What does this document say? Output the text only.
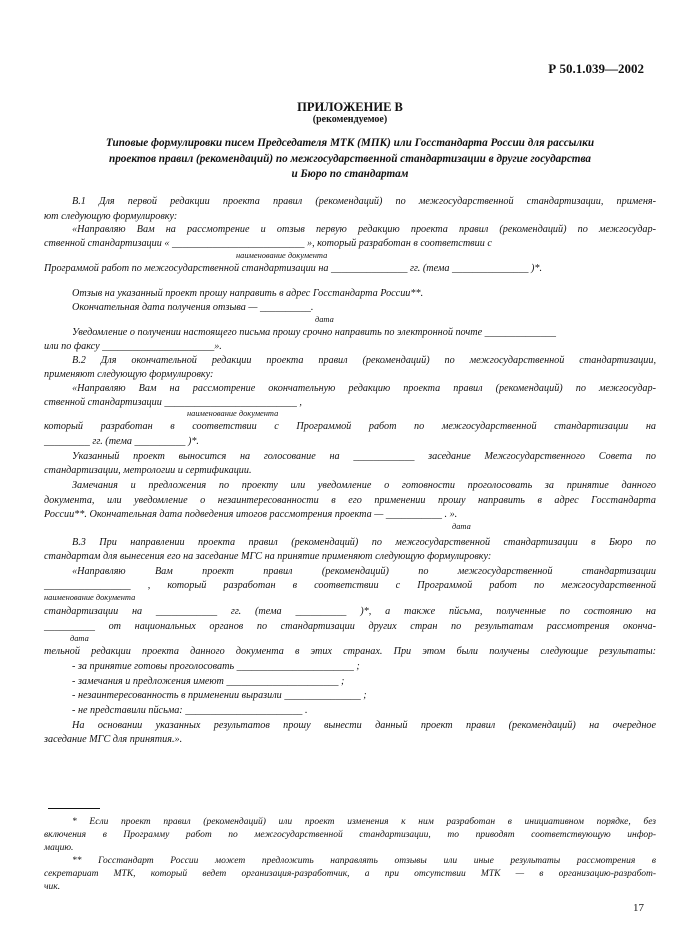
Р 50.1.039—2002
ПРИЛОЖЕНИЕ В
(рекомендуемое)
Типовые формулировки писем Председателя МТК (МПК) или Госстандарта России для рассылки
проектов правил (рекомендаций) по межгосударственной стандартизации в другие государства
и Бюро по стандартам
В.1 Для первой редакции проекта правил (рекомендаций) по межгосударственной стандартизации, применя-
ют следующую формулировку:
«Направляю Вам на рассмотрение и отзыв первую редакцию проекта правил (рекомендаций) по межгосудар-
ственной стандартизации « __________________________ », который разработан в соответствии с
наименование документа
Программой работ по межгосударственной стандартизации на _______________ гг. (тема _______________ )*.
Отзыв на указанный проект прошу направить в адрес Госстандарта России**.
Окончательная дата получения отзыва — __________.
дата
Уведомление о получении настоящего письма прошу срочно направить по электронной почте ______________
или по факсу ______________________».
В.2 Для окончательной редакции проекта правил (рекомендаций) по межгосударственной стандартизации,
применяют следующую формулировку:
«Направляю Вам на рассмотрение окончательную редакцию проекта правил (рекомендаций) по межгосудар-
ственной стандартизации __________________________ ,
наименование документа
который разработан в соответствии с Программой работ по межгосударственной стандартизации на
_________ гг. (тема __________ )*.
Указанный проект выносится на голосование на ____________ заседание Межгосударственного Совета по
стандартизации, метрологии и сертификации.
Замечания и предложения по проекту или уведомление о готовности проголосовать за принятие данного
документа, или уведомление о незаинтересованности в его применении прошу направить в адрес Госстандарта
России**. Окончательная дата подведения итогов рассмотрения проекта — ___________ . ».
дата
В.3 При направлении проекта правил (рекомендаций) по межгосударственной стандартизации в Бюро по
стандартам для вынесения его на заседание МГС на принятие применяют следующую формулировку:
«Направляю Вам проект правил (рекомендаций) по межгосударственной стандартизации
_________________ , который разработан в соответствии с Программой работ по межгосударственной
наименование документа
стандартизации на ____________ гг. (тема __________ )*, а также пйсьма, полученные по состоянию на
__________ от национальных органов по стандартизации других стран по результатам рассмотрения оконча-
дата
тельной редакции проекта данного документа в этих странах. При этом были получены следующие результаты:
- за принятие готовы проголосовать _______________________ ;
- замечания и предложения имеют ______________________ ;
- незаинтересованность в применении выразили _______________ ;
- не представили пйсьма: _______________________ .
На основании указанных результатов прошу вынести данный проект правил (рекомендаций) на очередное
заседание МГС для принятия.».
* Если проект правил (рекомендаций) или проект изменения к ним разработан в инициативном порядке, без
включения в Программу работ по межгосударственной стандартизации, то приводят соответствующую инфор-
мацию.
** Госстандарт России может предложить направлять отзывы или иные результаты рассмотрения в
секретариат МТК, который ведет организация-разработчик, а при отсутствии МТК — в организацию-разработ-
чик.
17
